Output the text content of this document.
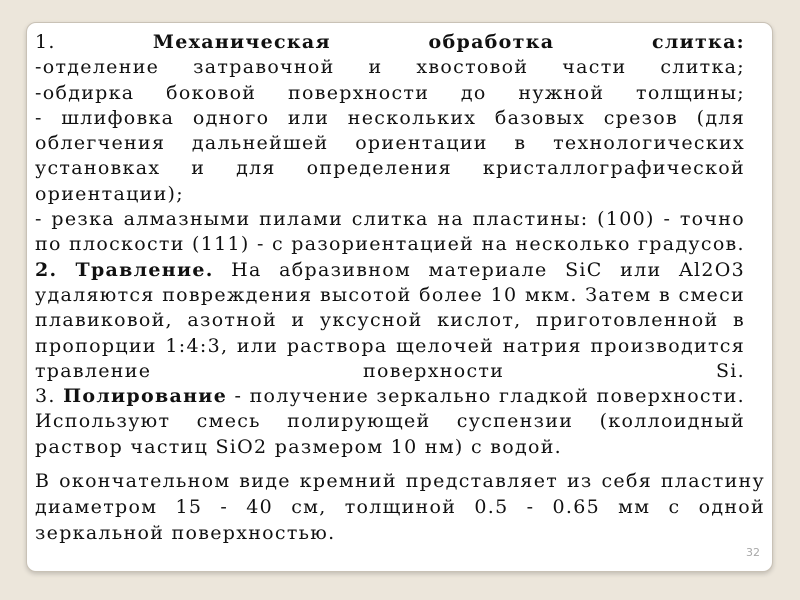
1.	Механическая обработка слитка:

-отделение затравочной и хвостовой части слитка;

-обдирка боковой поверхности до нужной толщины;

- шлифовка одного или нескольких базовых срезов (для облегчения дальнейшей ориентации в технологических установках и для определения кристаллографической ориентации);

- резка алмазными пилами слитка на пластины: (100) - точно по плоскости (111) - с разориентацией на несколько градусов.

2. Травление. На абразивном материале SiC или Al2O3 удаляются повреждения высотой более 10 мкм. Затем в смеси плавиковой, азотной и уксусной кислот, приготовленной в пропорции 1:4:3, или раствора щелочей натрия производится травление поверхности Si.

3. Полирование - получение зеркально гладкой поверхности. Используют смесь полирующей суспензии (коллоидный раствор частиц SiO2 размером 10 нм) с водой.

В окончательном виде кремний представляет из себя пластину диаметром 15 - 40 см, толщиной 0.5 - 0.65 мм с одной зеркальной поверхностью.

32
